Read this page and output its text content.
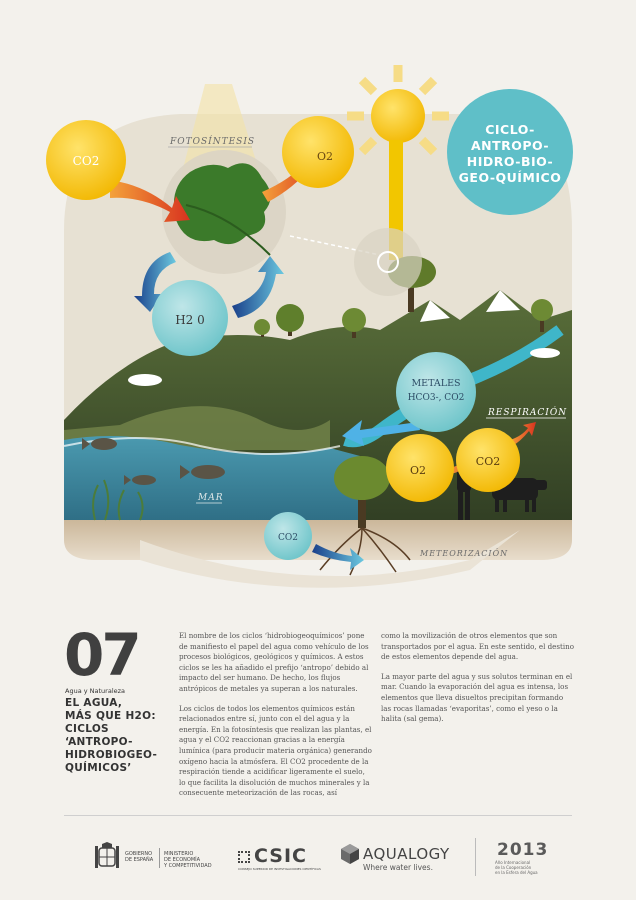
CO2	O2
H2 0
METALES
HCO3-, CO2
O2
CO2
CO2
FOTOSÍNTESIS
RESPIRACIÓN
MAR
METEORIZACIÓN
CICLO-
ANTROPO-
HIDRO-BIO-
GEO-QUÍMICO
07
Agua y Naturaleza
EL AGUA,
MÁS QUE H2O:
CICLOS ‘ANTROPO-
HIDROBIOGEO-
QUÍMICOS’

El nombre de los ciclos ‘hidrobiogeoquímicos’ pone de manifiesto el papel del agua como vehículo de los procesos biológicos, geológicos y químicos. A estos ciclos se les ha añadido el prefijo ‘antropo’ debido al impacto del ser humano. De hecho, los flujos antrópicos de metales ya superan a los naturales.

Los ciclos de todos los elementos químicos están relacionados entre sí, junto con el del agua y la energía. En la fotosíntesis que realizan las plantas, el agua y el CO2 reaccionan gracias a la energía lumínica (para producir materia orgánica) generando oxígeno hacia la atmósfera. El CO2 procedente de la respiración tiende a acidificar ligeramente el suelo, lo que facilita la disolución de muchos minerales y la consecuente meteorización de las rocas, así

como la movilización de otros elementos que son transportados por el agua. En este sentido, el destino de estos elementos depende del agua.

La mayor parte del agua y sus solutos terminan en el mar. Cuando la evaporación del agua es intensa, los elementos que lleva disueltos precipitan formando las rocas llamadas ‘evaporitas’, como el yeso o la halita (sal gema).

GOBIERNO
DE ESPAÑA
MINISTERIO
DE ECONOMÍA
Y COMPETITIVIDAD CSIC
CONSEJO SUPERIOR DE INVESTIGACIONES CIENTÍFICAS
AQUALOGY
Where water lives.
2013
Año Internacional
de la Cooperación
en la Esfera del Agua
